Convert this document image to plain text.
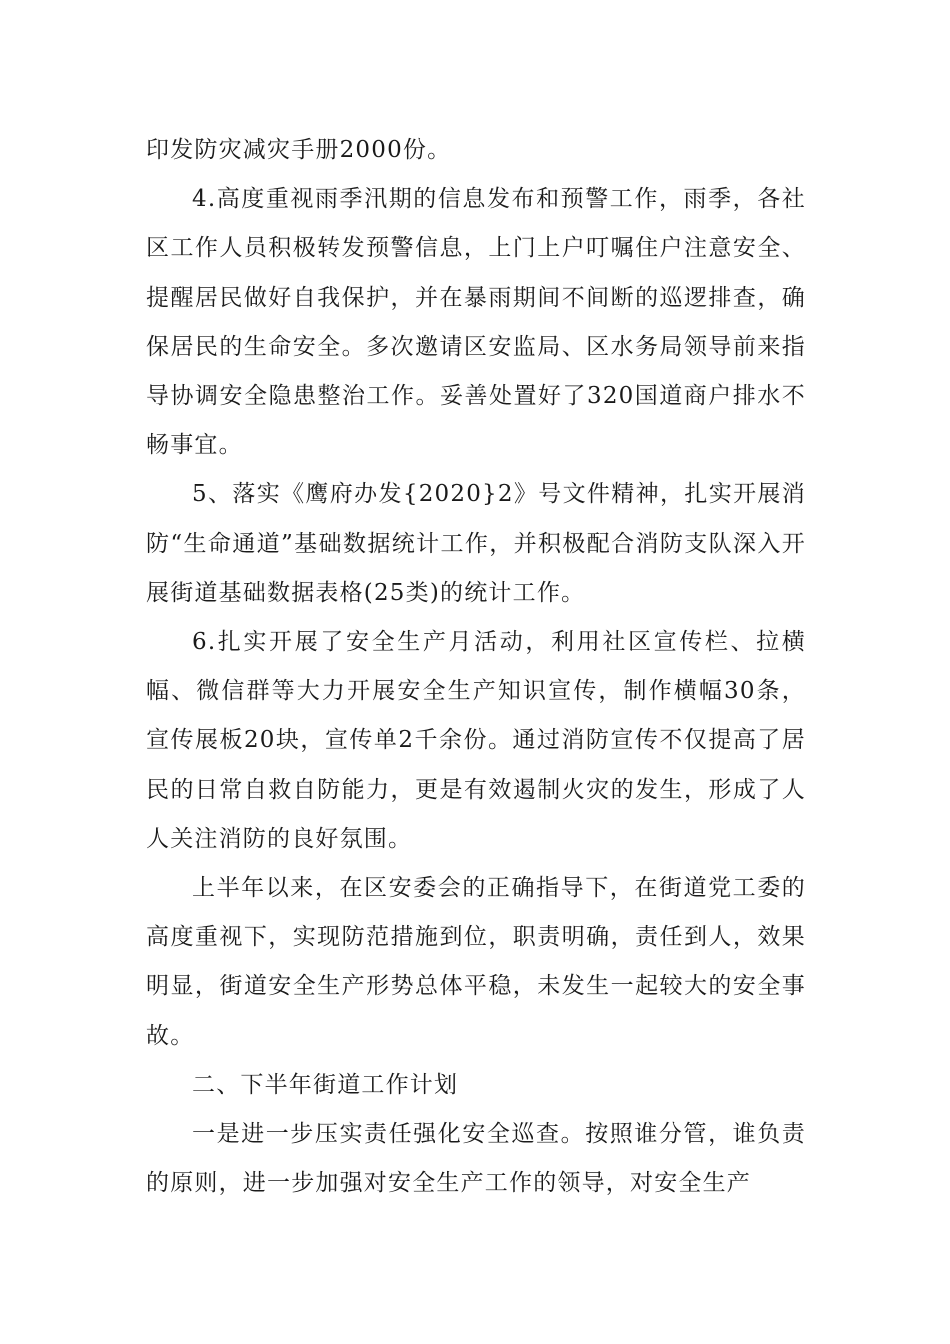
印发防灾减灾手册2000份。

4.高度重视雨季汛期的信息发布和预警工作，雨季，各社区工作人员积极转发预警信息，上门上户叮嘱住户注意安全、提醒居民做好自我保护，并在暴雨期间不间断的巡逻排查，确保居民的生命安全。多次邀请区安监局、区水务局领导前来指导协调安全隐患整治工作。妥善处置好了320国道商户排水不畅事宜。

5、落实《鹰府办发{2020}2》号文件精神，扎实开展消防“生命通道”基础数据统计工作，并积极配合消防支队深入开展街道基础数据表格(25类)的统计工作。

6.扎实开展了安全生产月活动，利用社区宣传栏、拉横幅、微信群等大力开展安全生产知识宣传，制作横幅30条，宣传展板20块，宣传单2千余份。通过消防宣传不仅提高了居民的日常自救自防能力，更是有效遏制火灾的发生，形成了人人关注消防的良好氛围。

上半年以来，在区安委会的正确指导下，在街道党工委的高度重视下，实现防范措施到位，职责明确，责任到人，效果明显，街道安全生产形势总体平稳，未发生一起较大的安全事故。

二、下半年街道工作计划

一是进一步压实责任强化安全巡查。按照谁分管，谁负责的原则，进一步加强对安全生产工作的领导，对安全生产
